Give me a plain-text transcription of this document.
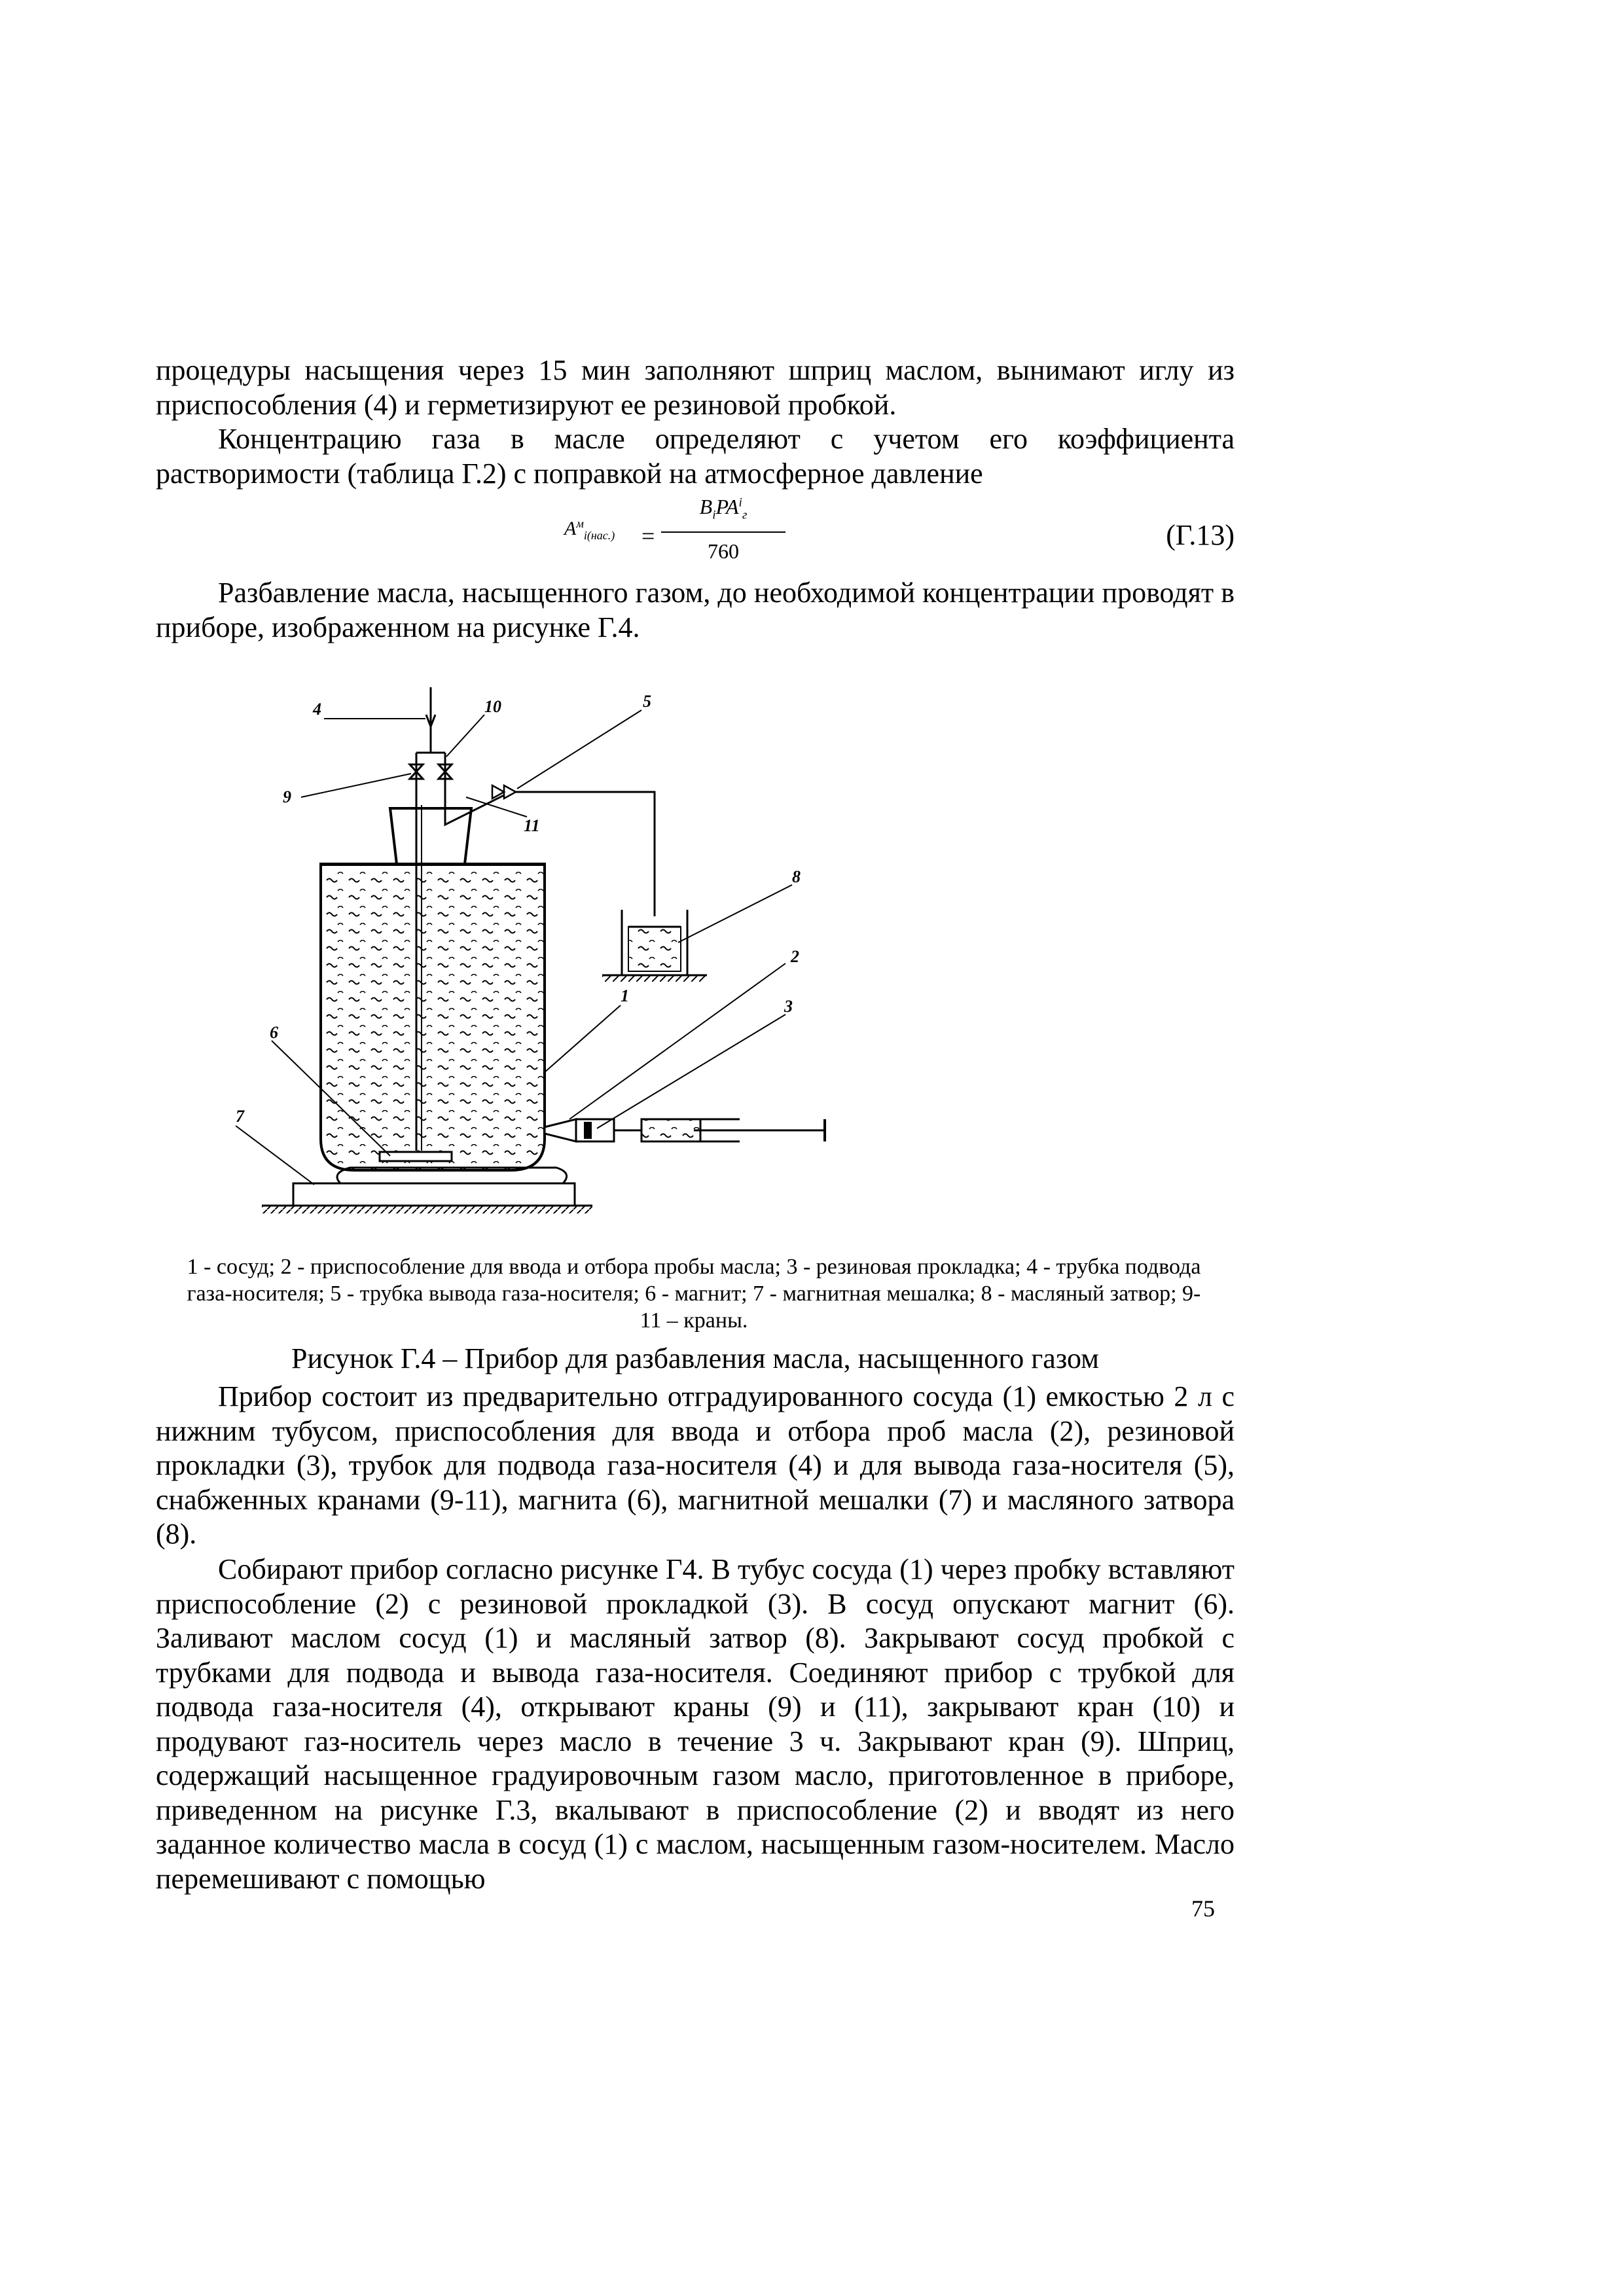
процедуры насыщения через 15 мин заполняют шприц маслом, вынимают иглу из приспособления (4) и герметизируют ее резиновой пробкой.

Концентрацию газа в масле определяют с учетом его коэффициента растворимости (таблица Г.2) с поправкой на атмосферное давление

$A^м_{i(нас.)}$ =
$B_iPA^i_г$
760	(Г.13)

Разбавление масла, насыщенного газом, до необходимой концентрации проводят в приборе, изображенном на рисунке Г.4.

4	10	5
9
11
8
2
3
1
6
7
1 - сосуд; 2 - приспособление для ввода и отбора пробы масла; 3 - резиновая прокладка; 4 - трубка подвода газа-носителя; 5 - трубка вывода газа-носителя; 6 - магнит; 7 - магнитная мешалка; 8 - масляный затвор; 9-11 – краны.
Рисунок Г.4 – Прибор для разбавления масла, насыщенного газом

Прибор состоит из предварительно отградуированного сосуда (1) емкостью 2 л с нижним тубусом, приспособления для ввода и отбора проб масла (2), резиновой прокладки (3), трубок для подвода газа-носителя (4) и для вывода газа-носителя (5), снабженных кранами (9-11), магнита (6), магнитной мешалки (7) и масляного затвора (8).

Собирают прибор согласно рисунке Г4. В тубус сосуда (1) через пробку вставляют приспособление (2) с резиновой прокладкой (3). В сосуд опускают магнит (6). Заливают маслом сосуд (1) и масляный затвор (8). Закрывают сосуд пробкой с трубками для подвода и вывода газа-носителя. Соединяют прибор с трубкой для подвода газа-носителя (4), открывают краны (9) и (11), закрывают кран (10) и продувают газ-носитель через масло в течение 3 ч. Закрывают кран (9). Шприц, содержащий насыщенное градуировочным газом масло, приготовленное в приборе, приведенном на рисунке Г.3, вкалывают в приспособление (2) и вводят из него заданное количество масла в сосуд (1) с маслом, насыщенным газом-носителем. Масло перемешивают с помощью

75
